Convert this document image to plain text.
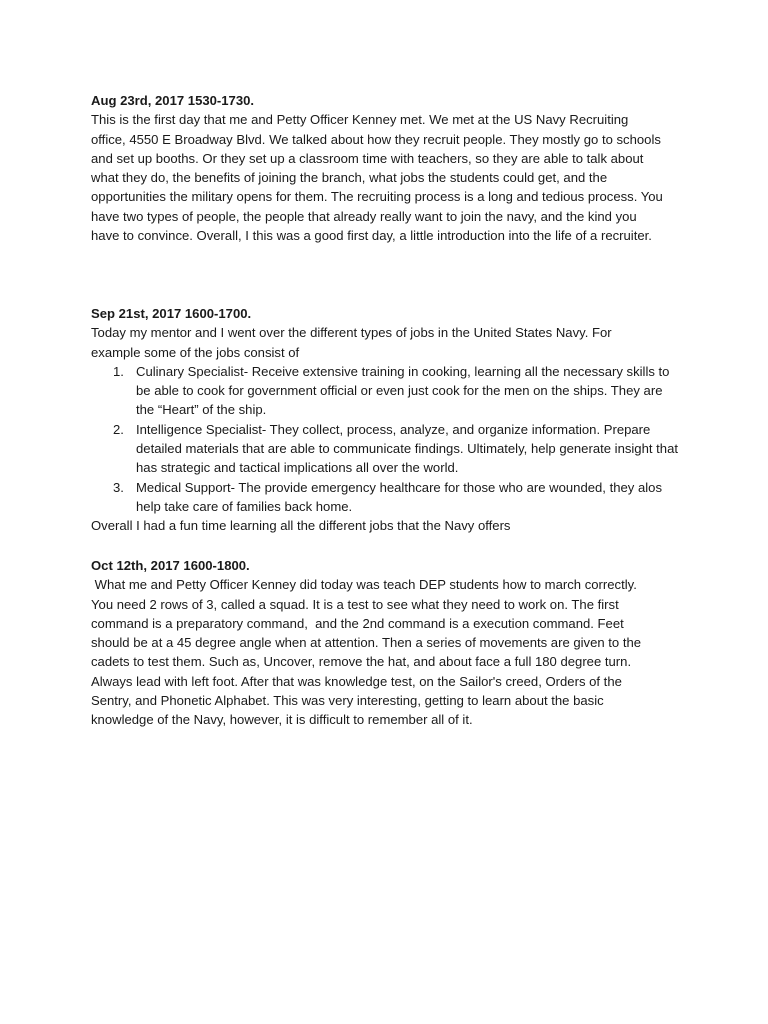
Aug 23rd, 2017 1530-1730.

This is the first day that me and Petty Officer Kenney met. We met at the US Navy Recruiting office, 4550 E Broadway Blvd. We talked about how they recruit people. They mostly go to schools and set up booths. Or they set up a classroom time with teachers, so they are able to talk about what they do, the benefits of joining the branch, what jobs the students could get, and the opportunities the military opens for them. The recruiting process is a long and tedious process. You have two types of people, the people that already really want to join the navy, and the kind you have to convince. Overall, I this was a good first day, a little introduction into the life of a recruiter.

Sep 21st, 2017 1600-1700.

Today my mentor and I went over the different types of jobs in the United States Navy. For example some of the jobs consist of

1. Culinary Specialist- Receive extensive training in cooking, learning all the necessary skills to be able to cook for government official or even just cook for the men on the ships. They are the “Heart” of the ship.
2. Intelligence Specialist- They collect, process, analyze, and organize information. Prepare detailed materials that are able to communicate findings. Ultimately, help generate insight that has strategic and tactical implications all over the world.
3. Medical Support- The provide emergency healthcare for those who are wounded, they alos help take care of families back home.

Overall I had a fun time learning all the different jobs that the Navy offers

Oct 12th, 2017 1600-1800.

What me and Petty Officer Kenney did today was teach DEP students how to march correctly. You need 2 rows of 3, called a squad. It is a test to see what they need to work on. The first command is a preparatory command,  and the 2nd command is a execution command. Feet should be at a 45 degree angle when at attention. Then a series of movements are given to the cadets to test them. Such as, Uncover, remove the hat, and about face a full 180 degree turn. Always lead with left foot. After that was knowledge test, on the Sailor's creed, Orders of the Sentry, and Phonetic Alphabet. This was very interesting, getting to learn about the basic knowledge of the Navy, however, it is difficult to remember all of it.
